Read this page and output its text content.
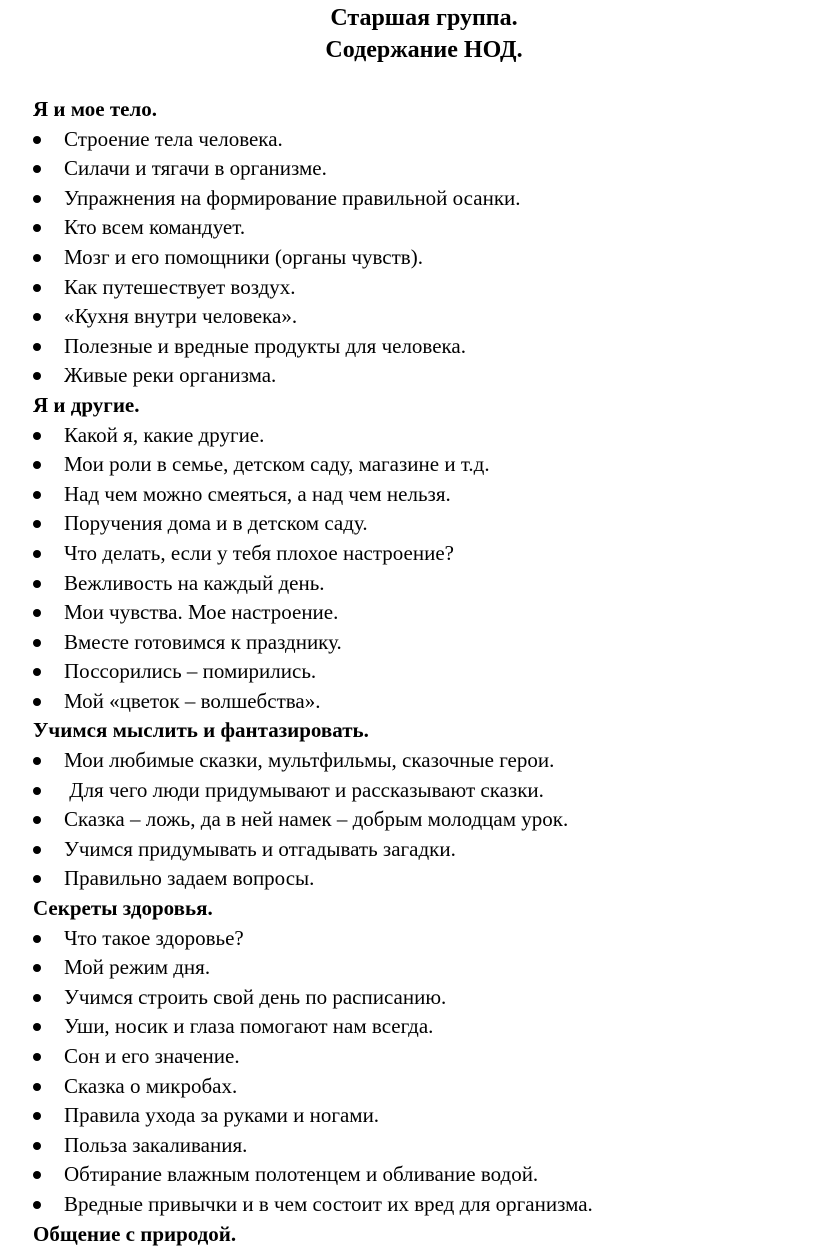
Старшая группа.
Содержание НОД.
Я и мое тело.
Строение тела человека.
Силачи и тягачи в организме.
Упражнения на формирование правильной осанки.
Кто всем командует.
Мозг и его помощники (органы чувств).
Как путешествует воздух.
«Кухня внутри человека».
Полезные и вредные продукты для человека.
Живые реки организма.
Я и другие.
Какой я, какие другие.
Мои роли в семье, детском саду, магазине и т.д.
Над чем можно смеяться, а над чем нельзя.
Поручения дома и в детском саду.
Что делать, если у тебя плохое настроение?
Вежливость на каждый день.
Мои чувства. Мое настроение.
Вместе готовимся к празднику.
Поссорились – помирились.
Мой «цветок – волшебства».
Учимся мыслить и фантазировать.
Мои любимые сказки, мультфильмы, сказочные герои.
Для чего люди придумывают и рассказывают сказки.
Сказка – ложь, да в ней намек – добрым молодцам урок.
Учимся придумывать и отгадывать загадки.
Правильно задаем вопросы.
Секреты здоровья.
Что такое здоровье?
Мой режим дня.
Учимся строить свой день по расписанию.
Уши, носик и глаза помогают нам всегда.
Сон и его значение.
Сказка о микробах.
Правила ухода за руками и ногами.
Польза закаливания.
Обтирание влажным полотенцем и обливание водой.
Вредные привычки и в чем состоит их вред для организма.
Общение с природой.
